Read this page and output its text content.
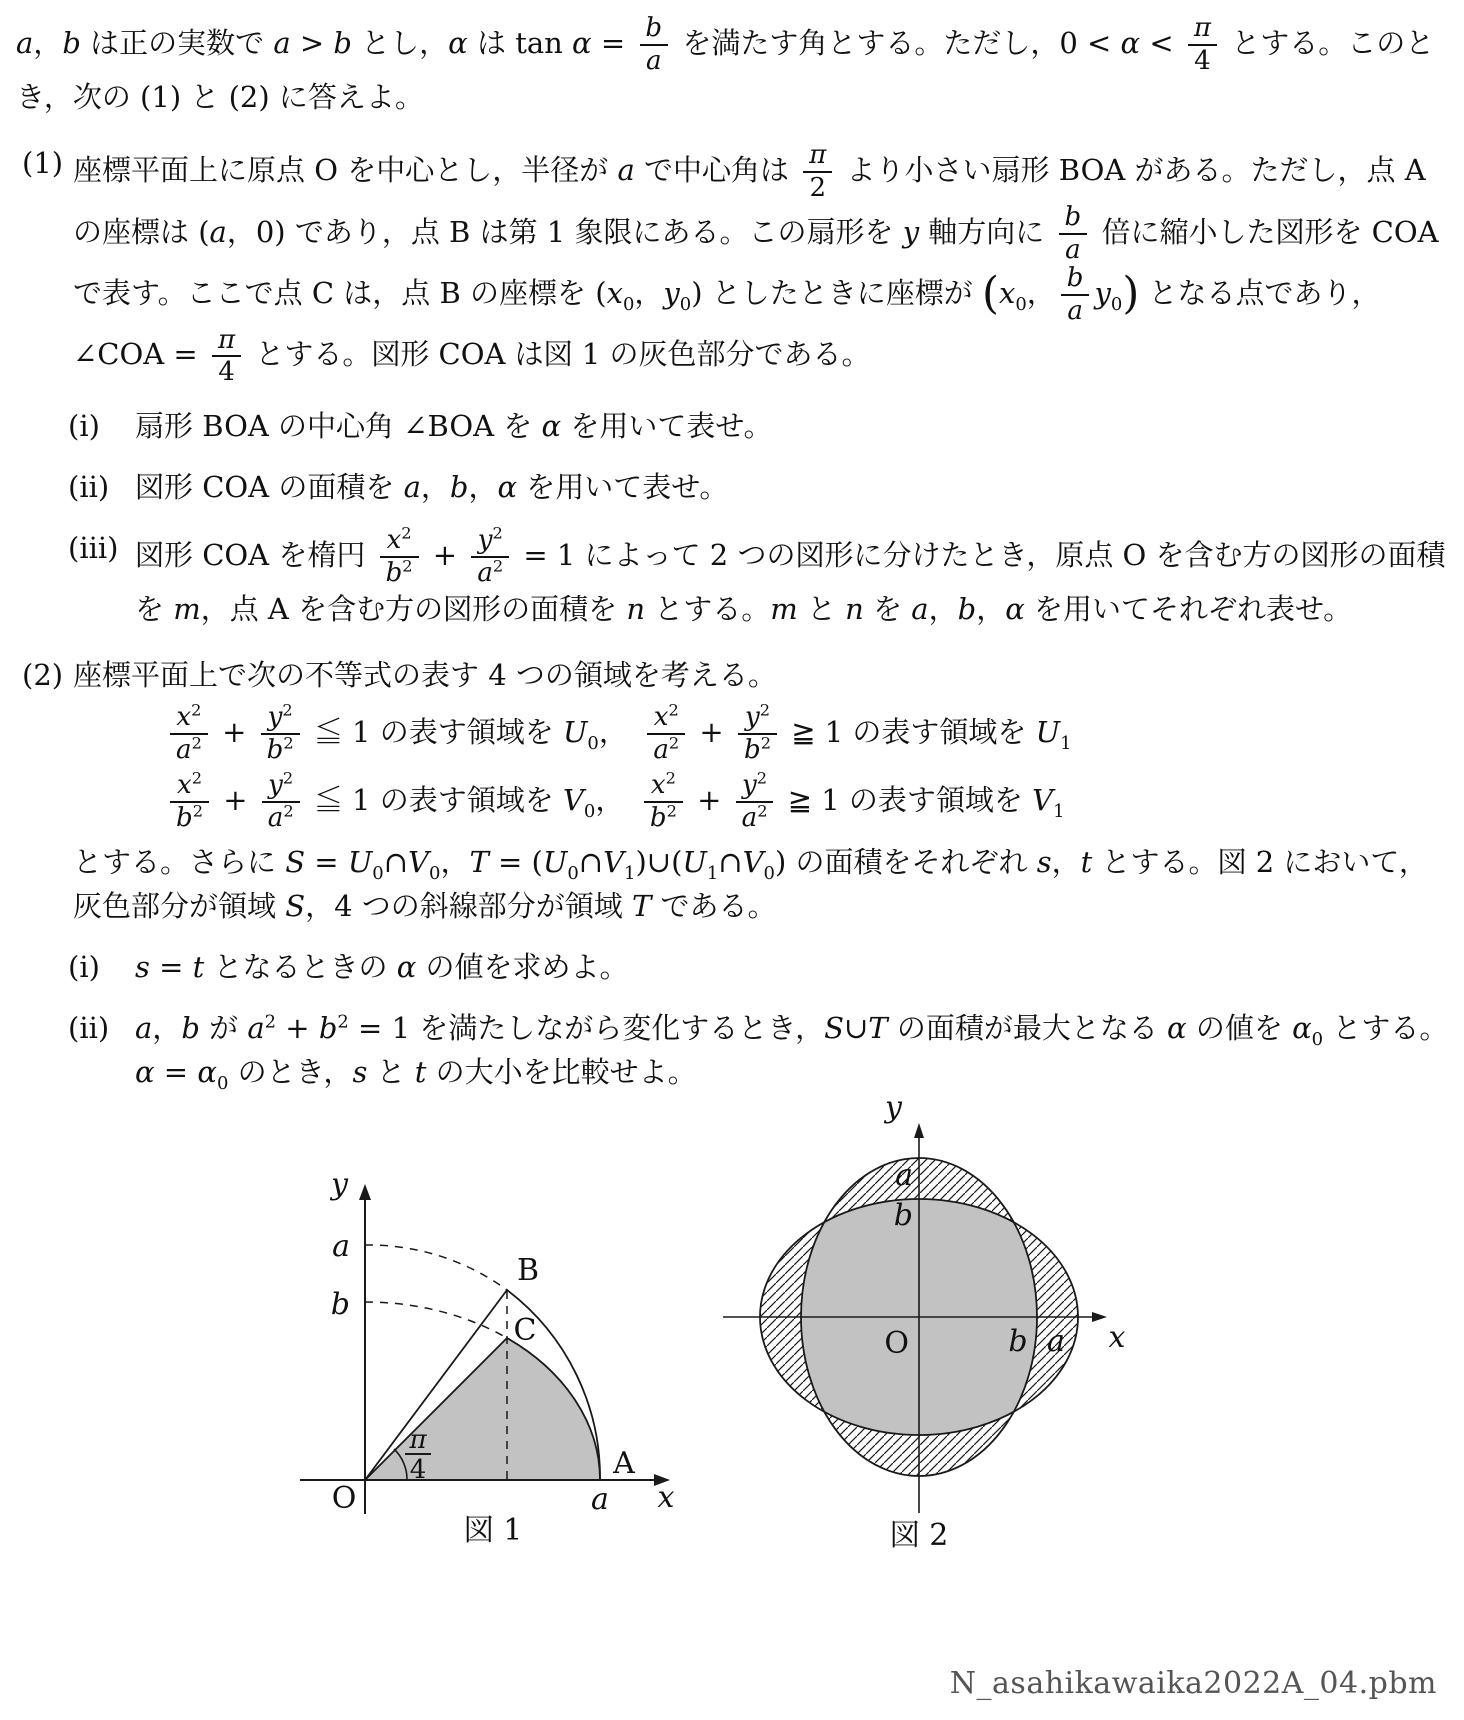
a，b は正の実数で a > b とし，α は $\tan \alpha = \frac{b}{a}$ を満たす角とする。ただし，$0 < \alpha < \frac{\pi}{4}$ とする。このとき，次の (1) と (2) に答えよ。
(1) 座標平面上に原点 O を中心とし，半径が a で中心角は $\frac{\pi}{2}$ より小さい扇形 BOA がある。ただし，点 A の座標は (a，0) であり，点 B は第 1 象限にある。この扇形を y 軸方向に $\frac{b}{a}$ 倍に縮小した図形を COA で表す。ここで点 C は，点 B の座標を ($x_0$，$y_0$) としたときに座標が ($x_0$， $\frac{b}{a} y_0$) となる点であり，∠COA = $\frac{\pi}{4}$ とする。図形 COA は図 1 の灰色部分である。
(i) 扇形 BOA の中心角 ∠BOA を α を用いて表せ。
(ii) 図形 COA の面積を a，b，α を用いて表せ。
(iii) 図形 COA を楕円 $\frac{x^2}{b^2} + \frac{y^2}{a^2} = 1$ によって 2 つの図形に分けたとき，原点 O を含む方の図形の面積を m，点 A を含む方の図形の面積を n とする。m と n を a，b，α を用いてそれぞれ表せ。
(2) 座標平面上で次の不等式の表す 4 つの領域を考える。
$\frac{x^2}{a^2} + \frac{y^2}{b^2}$ ≦ 1 の表す領域を $U_0$，　 $\frac{x^2}{a^2} + \frac{y^2}{b^2}$ ≧ 1 の表す領域を $U_1$
$\frac{x^2}{b^2} + \frac{y^2}{a^2}$ ≦ 1 の表す領域を $V_0$，　 $\frac{x^2}{b^2} + \frac{y^2}{a^2}$ ≧ 1 の表す領域を $V_1$
とする。さらに $S = U_0\cap V_0$，$T = (U_0\cap V_1)\cup(U_1\cap V_0)$ の面積をそれぞれ s，t とする。図 2 において，灰色部分が領域 S，4 つの斜線部分が領域 T である。
(i) s = t となるときの α の値を求めよ。
(ii) a，b が $a^2 + b^2 = 1$ を満たしながら変化するとき，S∪T の面積が最大となる α の値を $\alpha_0$ とする。$\alpha = \alpha_0$ のとき，s と t の大小を比較せよ。
y
a
b
B
C
A
O	a x
π
4
図 1
y
a
b
O	b a x
図 2
N_asahikawaika2022A_04.pbm
